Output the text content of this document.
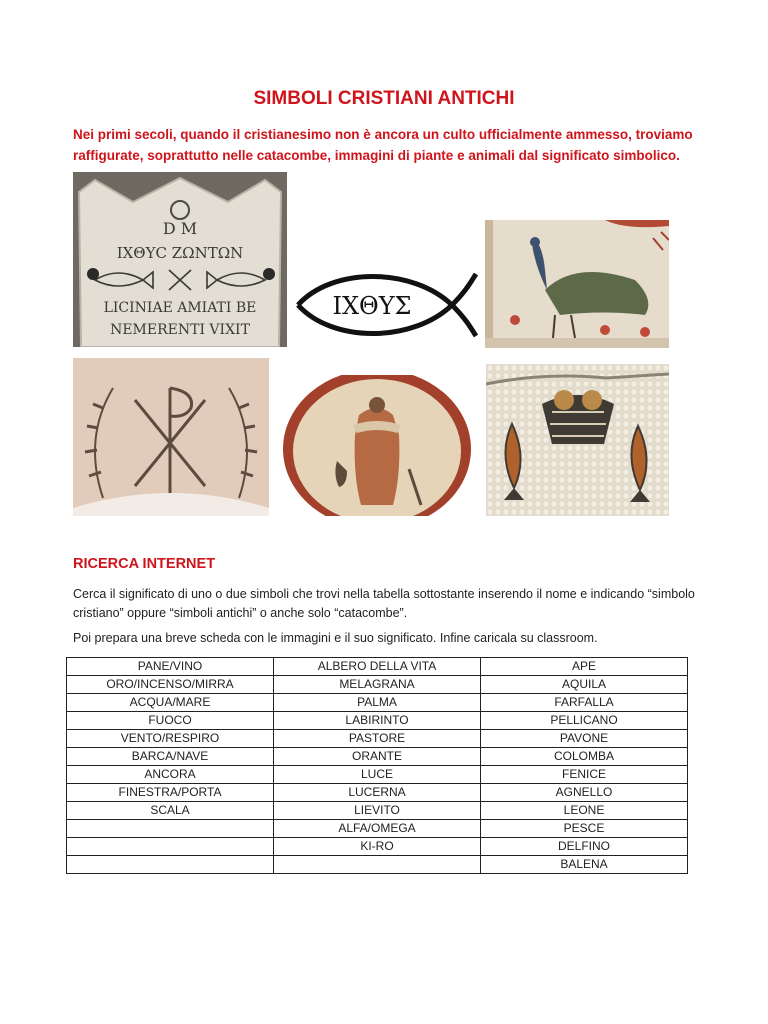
SIMBOLI CRISTIANI ANTICHI
Nei primi secoli, quando il cristianesimo non è ancora un culto ufficialmente ammesso, troviamo raffigurate, soprattutto nelle catacombe, immagini di piante e animali dal significato simbolico.
D M
ΙΧΘΥϹ ΖΩΝΤΩΝ
LICINIAE AMIATI BE
NEMERENTI VIXIT
ΙΧΘΥΣ
RICERCA INTERNET
Cerca il significato di uno o due simboli che trovi nella tabella sottostante inserendo il nome e indicando “simbolo cristiano” oppure “simboli antichi” o anche solo “catacombe”.
Poi prepara una breve scheda con le immagini e il suo significato. Infine caricala su classroom.
PANE/VINO	ALBERO DELLA VITA	APE
ORO/INCENSO/MIRRA	MELAGRANA	AQUILA
ACQUA/MARE	PALMA	FARFALLA
FUOCO	LABIRINTO	PELLICANO
VENTO/RESPIRO	PASTORE	PAVONE
BARCA/NAVE	ORANTE	COLOMBA
ANCORA	LUCE	FENICE
FINESTRA/PORTA	LUCERNA	AGNELLO
SCALA	LIEVITO	LEONE
	ALFA/OMEGA	PESCE
	KI-RO	DELFINO
		BALENA
